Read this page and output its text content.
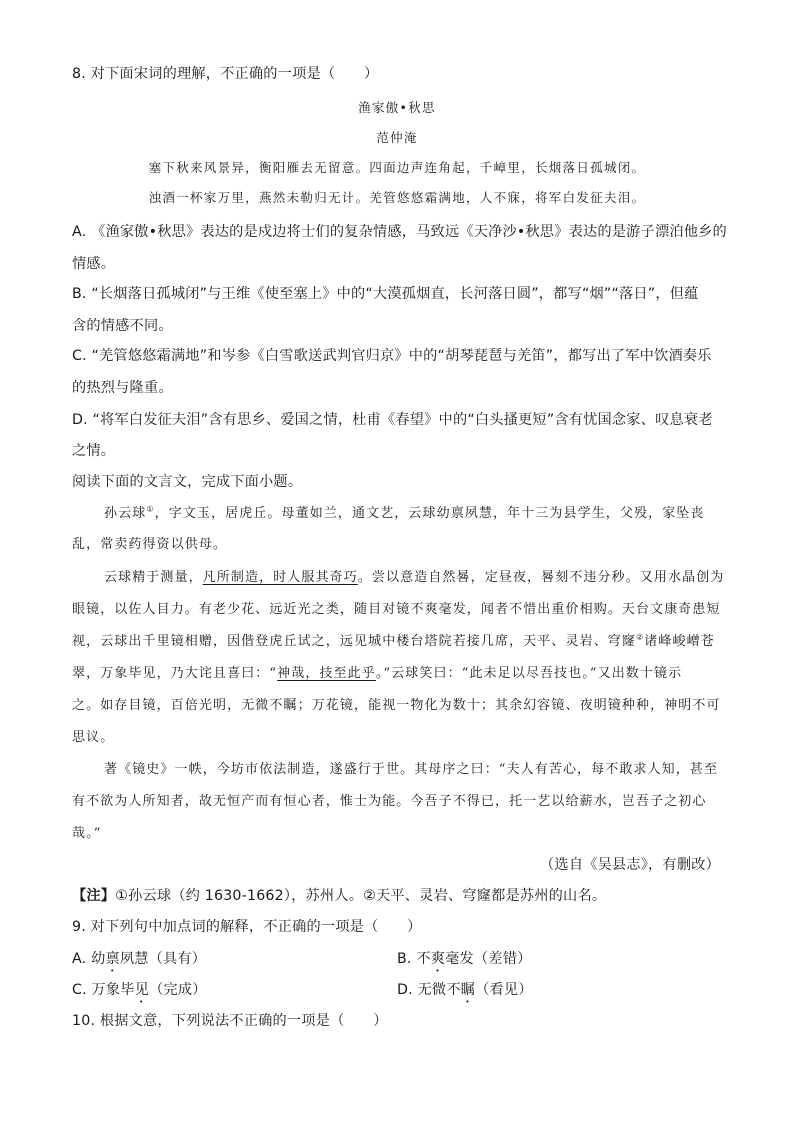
8. 对下面宋词的理解，不正确的一项是（　　）
渔家傲•秋思
范仲淹
塞下秋来风景异，衡阳雁去无留意。四面边声连角起，千嶂里，长烟落日孤城闭。
浊酒一杯家万里，燕然未勒归无计。羌管悠悠霜满地，人不寐，将军白发征夫泪。
A. 《渔家傲•秋思》表达的是戍边将士们的复杂情感，马致远《天净沙•秋思》表达的是游子漂泊他乡的
情感。
B. “长烟落日孤城闭”与王维《使至塞上》中的“大漠孤烟直，长河落日圆”，都写“烟”“落日”，但蕴
含的情感不同。
C. “羌管悠悠霜满地”和岑参《白雪歌送武判官归京》中的“胡琴琵琶与羌笛”，都写出了军中饮酒奏乐
的热烈与隆重。
D. “将军白发征夫泪”含有思乡、爱国之情，杜甫《春望》中的“白头搔更短”含有忧国念家、叹息衰老
之情。
阅读下面的文言文，完成下面小题。
孙云球①，字文玉，居虎丘。母董如兰，通文艺，云球幼禀夙慧，年十三为县学生，父殁，家坠丧
乱，常卖药得资以供母。
云球精于测量，凡所制造，时人服其奇巧。尝以意造自然晷，定昼夜，晷刻不违分秒。又用水晶创为
眼镜，以佐人目力。有老少花、远近光之类，随目对镜不爽毫发，闻者不惜出重价相购。天台文康奇患短
视，云球出千里镜相赠，因偕登虎丘试之，远见城中楼台塔院若接几席，天平、灵岩、穹窿②诸峰峻嶒苍
翠，万象毕见，乃大诧且喜曰：“神哉，技至此乎。”云球笑曰：“此未足以尽吾技也。”又出数十镜示
之。如存目镜，百倍光明，无微不瞩；万花镜，能视一物化为数十；其余幻容镜、夜明镜种种，神明不可
思议。
著《镜史》一帙，今坊市依法制造，遂盛行于世。其母序之曰：“夫人有苦心，每不敢求人知，甚至
有不欲为人所知者，故无恒产而有恒心者，惟士为能。今吾子不得已，托一艺以给薪水，岂吾子之初心
哉。”
（选自《吴县志》，有删改）
【注】①孙云球（约 1630-1662），苏州人。②天平、灵岩、穹窿都是苏州的山名。
9. 对下列句中加点词的解释，不正确的一项是（　　）
A. 幼禀夙慧（具有）	B. 不爽毫发（差错）
C. 万象毕见（完成）	D. 无微不瞩（看见）
10. 根据文意，下列说法不正确的一项是（　　）
